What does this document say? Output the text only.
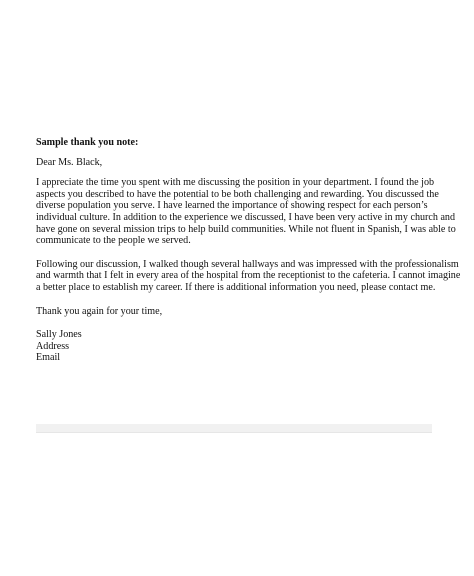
Sample thank you note:
Dear Ms. Black,
I appreciate the time you spent with me discussing the position in your department. I found the job
aspects you described to have the potential to be both challenging and rewarding. You discussed the
diverse population you serve. I have learned the importance of showing respect for each person’s
individual culture. In addition to the experience we discussed, I have been very active in my church and
have gone on several mission trips to help build communities. While not fluent in Spanish, I was able to
communicate to the people we served.
Following our discussion, I walked though several hallways and was impressed with the professionalism
and warmth that I felt in every area of the hospital from the receptionist to the cafeteria. I cannot imagine
a better place to establish my career. If there is additional information you need, please contact me.
Thank you again for your time,
Sally Jones
Address
Email
